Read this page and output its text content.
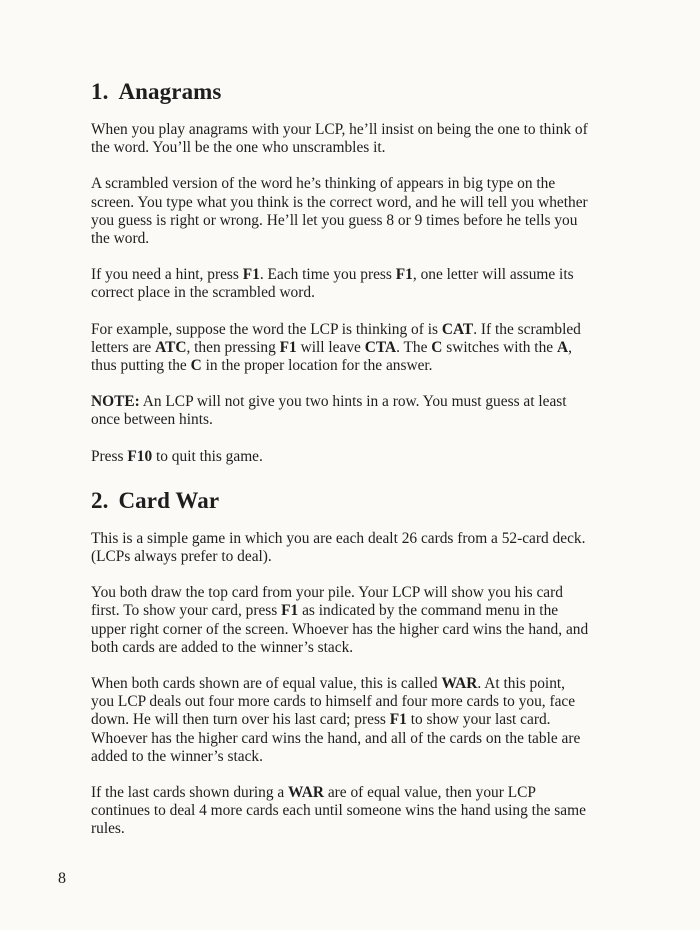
1. Anagrams

When you play anagrams with your LCP, he’ll insist on being the one to think of the word. You’ll be the one who unscrambles it.

A scrambled version of the word he’s thinking of appears in big type on the screen. You type what you think is the correct word, and he will tell you whether you guess is right or wrong. He’ll let you guess 8 or 9 times before he tells you the word.

If you need a hint, press F1. Each time you press F1, one letter will assume its correct place in the scrambled word.

For example, suppose the word the LCP is thinking of is CAT. If the scrambled letters are ATC, then pressing F1 will leave CTA. The C switches with the A, thus putting the C in the proper location for the answer.

NOTE: An LCP will not give you two hints in a row. You must guess at least once between hints.

Press F10 to quit this game.

2. Card War

This is a simple game in which you are each dealt 26 cards from a 52-card deck. (LCPs always prefer to deal).

You both draw the top card from your pile. Your LCP will show you his card first. To show your card, press F1 as indicated by the command menu in the upper right corner of the screen. Whoever has the higher card wins the hand, and both cards are added to the winner’s stack.

When both cards shown are of equal value, this is called WAR. At this point, you LCP deals out four more cards to himself and four more cards to you, face down. He will then turn over his last card; press F1 to show your last card. Whoever has the higher card wins the hand, and all of the cards on the table are added to the winner’s stack.

If the last cards shown during a WAR are of equal value, then your LCP continues to deal 4 more cards each until someone wins the hand using the same rules.

8
